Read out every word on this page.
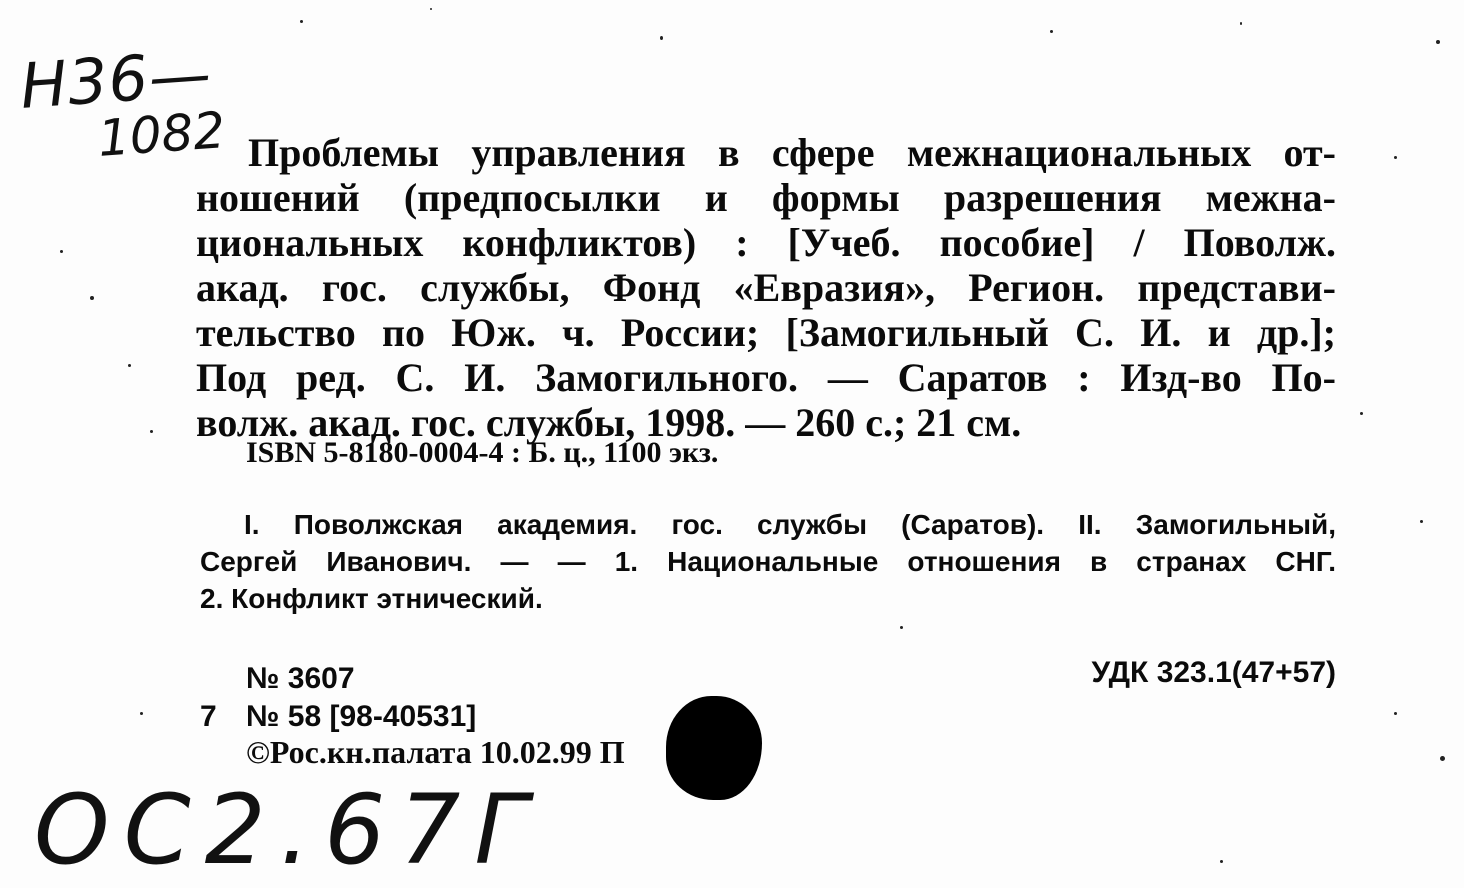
Н36—
1082 Проблемы управления в сфере межнациональных от-
ношений (предпосылки и формы разрешения межна-
циональных конфликтов) : [Учеб. пособие] / Поволж.
акад. гос. службы, Фонд «Евразия», Регион. представи-
тельство по Юж. ч. России; [Замогильный С. И. и др.];
Под ред. С. И. Замогильного. — Саратов : Изд-во По-
волж. акад. гос. службы, 1998. — 260 с.; 21 см.
ISBN 5-8180-0004-4 : Б. ц., 1100 экз.
I. Поволжская академия. гос. службы (Саратов). II. Замогильный,
Сергей Иванович. — — 1. Национальные отношения в странах СНГ.
2. Конфликт этнический.
№ 3607	УДК 323.1(47+57)
7 № 58 [98-40531]
©Рос.кн.палата 10.02.99 П
ОС2.67Г
